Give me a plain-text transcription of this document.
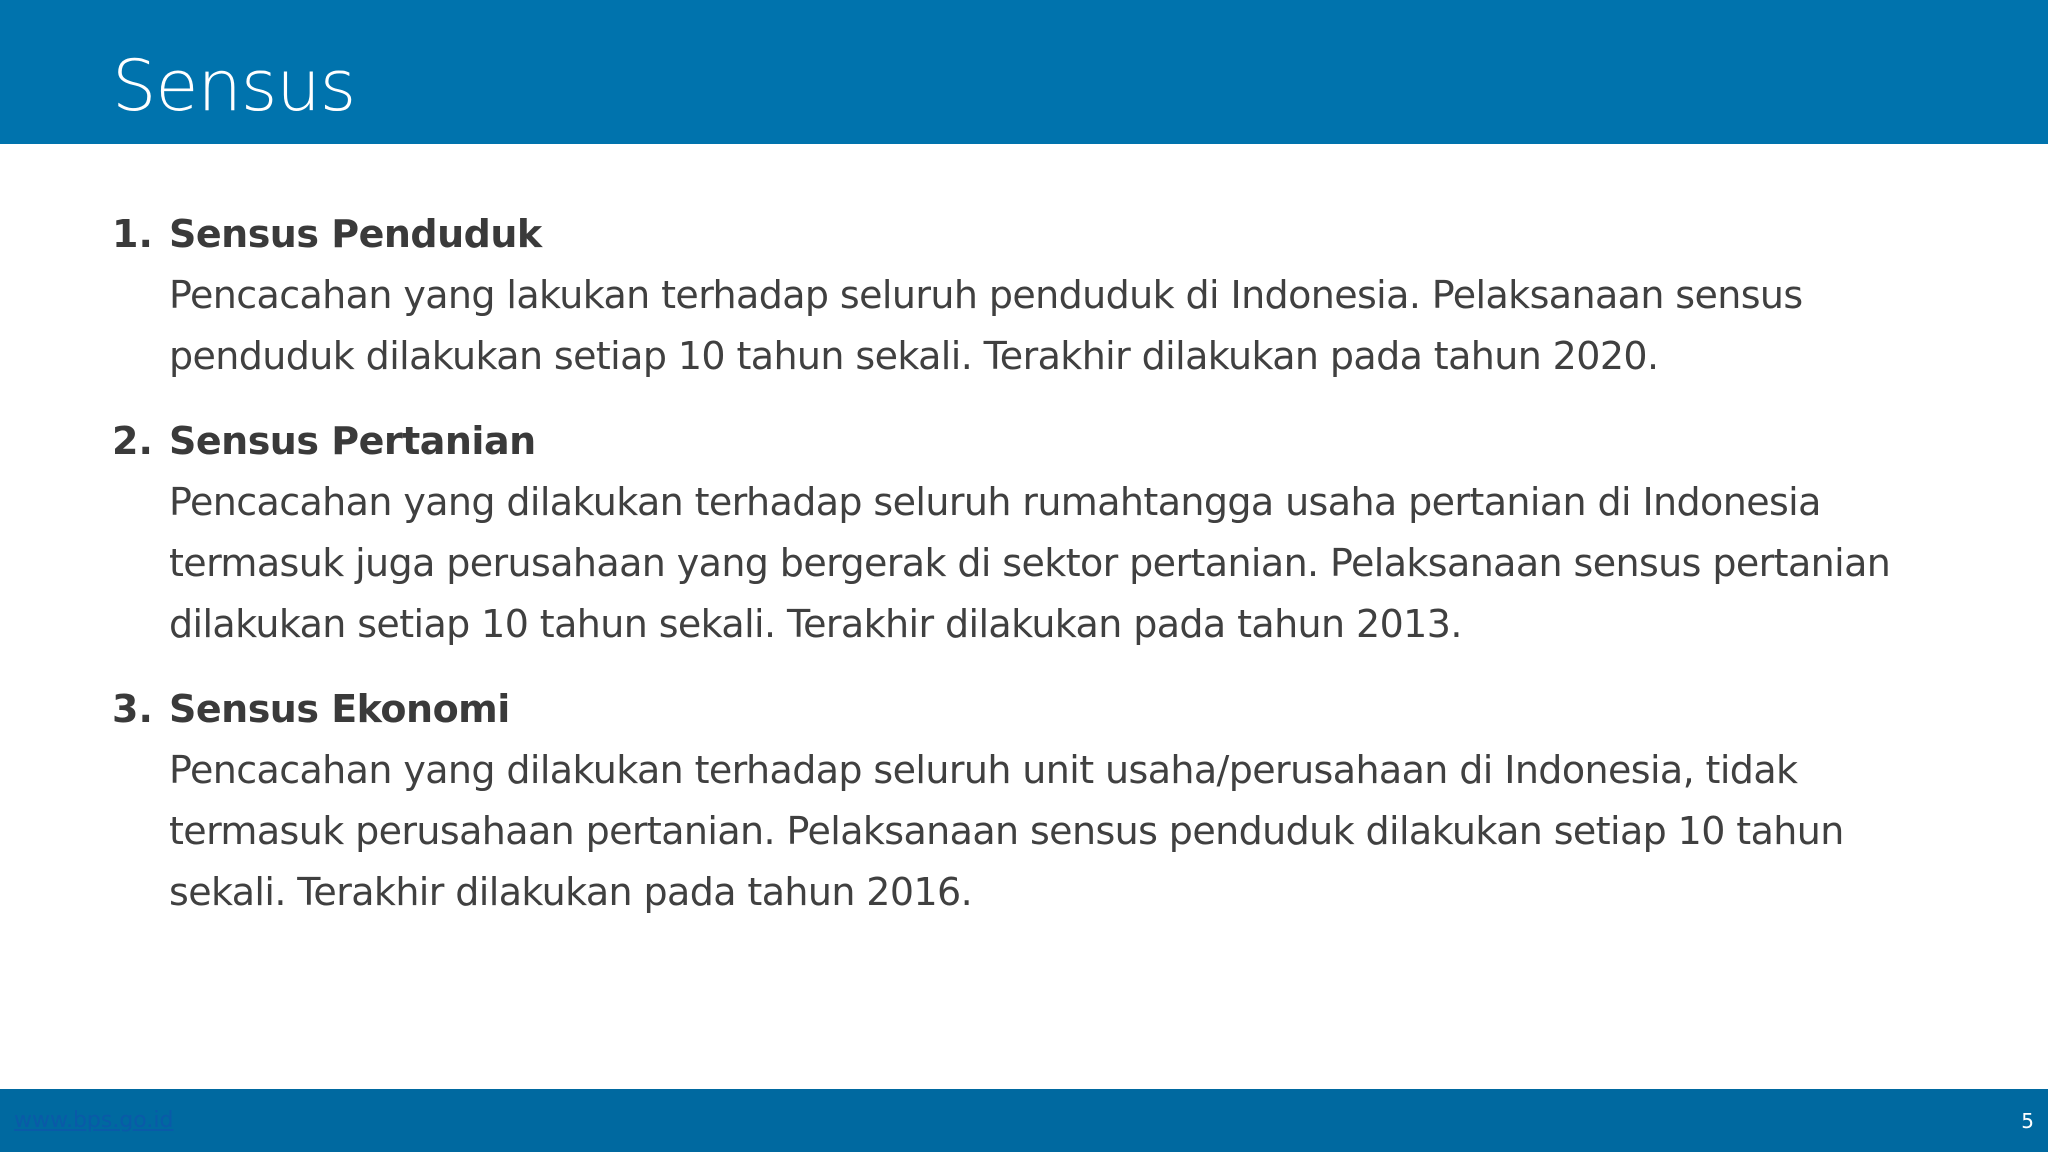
Sensus
1. Sensus Penduduk
Pencacahan yang lakukan terhadap seluruh penduduk di Indonesia. Pelaksanaan sensus
penduduk dilakukan setiap 10 tahun sekali. Terakhir dilakukan pada tahun 2020.
2. Sensus Pertanian
Pencacahan yang dilakukan terhadap seluruh rumahtangga usaha pertanian di Indonesia
termasuk juga perusahaan yang bergerak di sektor pertanian. Pelaksanaan sensus pertanian
dilakukan setiap 10 tahun sekali. Terakhir dilakukan pada tahun 2013.
3. Sensus Ekonomi
Pencacahan yang dilakukan terhadap seluruh unit usaha/perusahaan di Indonesia, tidak
termasuk perusahaan pertanian. Pelaksanaan sensus penduduk dilakukan setiap 10 tahun
sekali. Terakhir dilakukan pada tahun 2016.
www.bps.go.id	5
